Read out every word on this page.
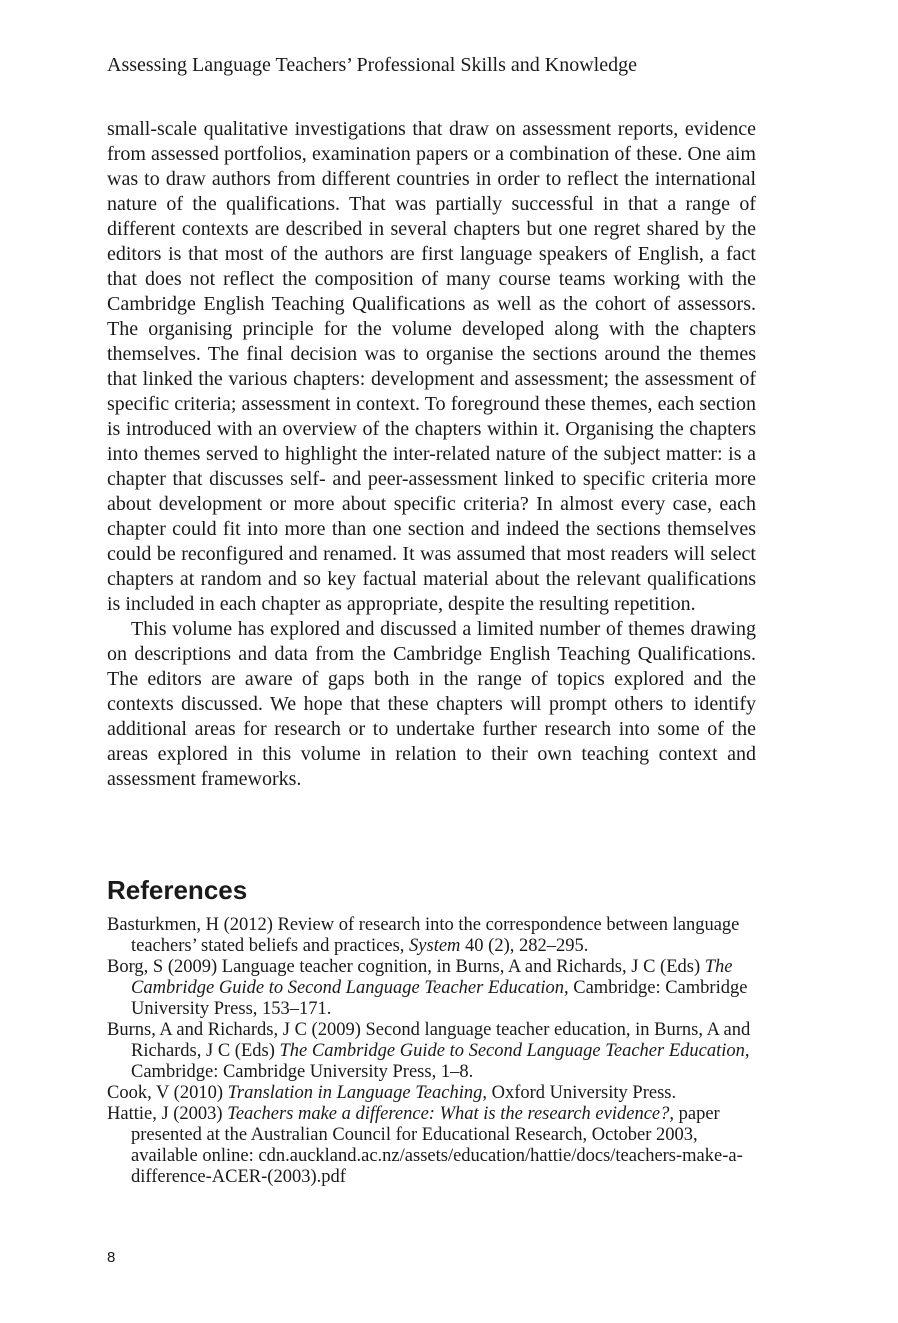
Assessing Language Teachers’ Professional Skills and Knowledge

small-scale qualitative investigations that draw on assessment reports, evidence from assessed portfolios, examination papers or a combination of these. One aim was to draw authors from different countries in order to reflect the international nature of the qualifications. That was partially successful in that a range of different contexts are described in several chapters but one regret shared by the editors is that most of the authors are first language speakers of English, a fact that does not reflect the composition of many course teams working with the Cambridge English Teaching Qualifications as well as the cohort of assessors. The organising principle for the volume developed along with the chapters themselves. The final decision was to organise the sections around the themes that linked the various chapters: development and assessment; the assessment of specific criteria; assessment in context. To foreground these themes, each section is introduced with an overview of the chapters within it. Organising the chapters into themes served to highlight the inter-related nature of the subject matter: is a chapter that discusses self- and peer-assessment linked to specific criteria more about development or more about specific criteria? In almost every case, each chapter could fit into more than one section and indeed the sections themselves could be reconfigured and renamed. It was assumed that most readers will select chapters at random and so key factual material about the relevant qualifications is included in each chapter as appropriate, despite the resulting repetition.

This volume has explored and discussed a limited number of themes drawing on descriptions and data from the Cambridge English Teaching Qualifications. The editors are aware of gaps both in the range of topics explored and the contexts discussed. We hope that these chapters will prompt others to identify additional areas for research or to undertake further research into some of the areas explored in this volume in relation to their own teaching context and assessment frameworks.

References

Basturkmen, H (2012) Review of research into the correspondence between language teachers’ stated beliefs and practices, System 40 (2), 282–295.

Borg, S (2009) Language teacher cognition, in Burns, A and Richards, J C (Eds) The Cambridge Guide to Second Language Teacher Education, Cambridge: Cambridge University Press, 153–171.

Burns, A and Richards, J C (2009) Second language teacher education, in Burns, A and Richards, J C (Eds) The Cambridge Guide to Second Language Teacher Education, Cambridge: Cambridge University Press, 1–8.

Cook, V (2010) Translation in Language Teaching, Oxford University Press.

Hattie, J (2003) Teachers make a difference: What is the research evidence?, paper presented at the Australian Council for Educational Research, October 2003, available online: cdn.auckland.ac.nz/assets/education/hattie/docs/teachers-make-a-difference-ACER-(2003).pdf

8
